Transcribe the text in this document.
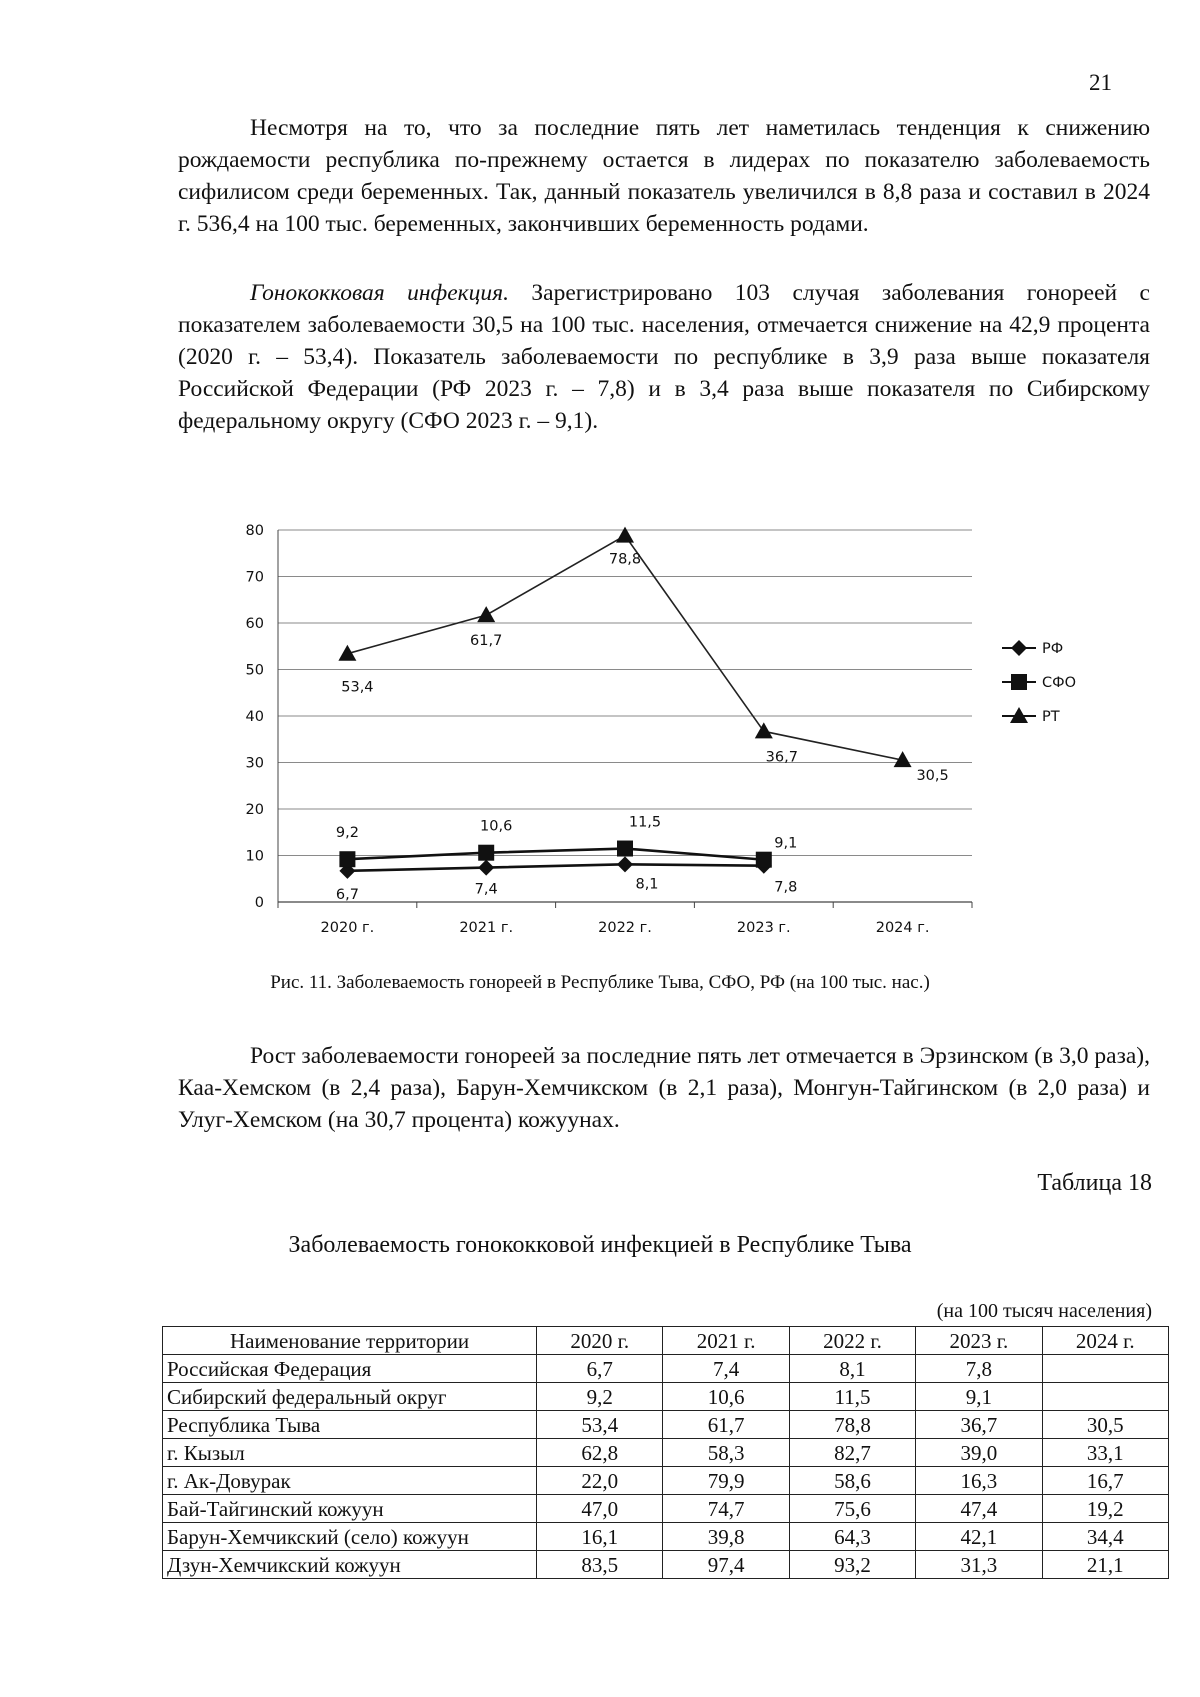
21

Несмотря на то, что за последние пять лет наметилась тенденция к снижению рождаемости республика по-прежнему остается в лидерах по показателю заболеваемость сифилисом среди беременных. Так, данный показатель увеличился в 8,8 раза и составил в 2024 г. 536,4 на 100 тыс. беременных, закончивших беременность родами.

Гонококковая инфекция. Зарегистрировано 103 случая заболевания гонореей с показателем заболеваемости 30,5 на 100 тыс. населения, отмечается снижение на 42,9 процента (2020 г. – 53,4). Показатель заболеваемости по республике в 3,9 раза выше показателя Российской Федерации (РФ 2023 г. – 7,8) и в 3,4 раза выше показателя по Сибирскому федеральному округу (СФО 2023 г. – 9,1).

0
10
20
30
40
50
60
70
80
2020 г.	2021 г.	2022 г.	2023 г.	2024 г.
6,7	7,4	8,1	7,8
9,2	10,6	11,5
9,1
53,4
61,7
78,8
36,7
30,5
РФ
СФО
РТ
Рис. 11. Заболеваемость гонореей в Республике Тыва, СФО, РФ (на 100 тыс. нас.)

Рост заболеваемости гонореей за последние пять лет отмечается в Эрзинском (в 3,0 раза), Каа-Хемском (в 2,4 раза), Барун-Хемчикском (в 2,1 раза), Монгун-Тайгинском (в 2,0 раза) и Улуг-Хемском (на 30,7 процента) кожуунах.

Таблица 18
Заболеваемость гонококковой инфекцией в Республике Тыва
(на 100 тысяч населения)
Наименование территории	2020 г.	2021 г.	2022 г.	2023 г.	2024 г.
Российская Федерация	6,7	7,4	8,1	7,8	
Сибирский федеральный округ	9,2	10,6	11,5	9,1	
Республика Тыва	53,4	61,7	78,8	36,7	30,5
г. Кызыл	62,8	58,3	82,7	39,0	33,1
г. Ак-Довурак	22,0	79,9	58,6	16,3	16,7
Бай-Тайгинский кожуун	47,0	74,7	75,6	47,4	19,2
Барун-Хемчикский (село) кожуун	16,1	39,8	64,3	42,1	34,4
Дзун-Хемчикский кожуун	83,5	97,4	93,2	31,3	21,1
